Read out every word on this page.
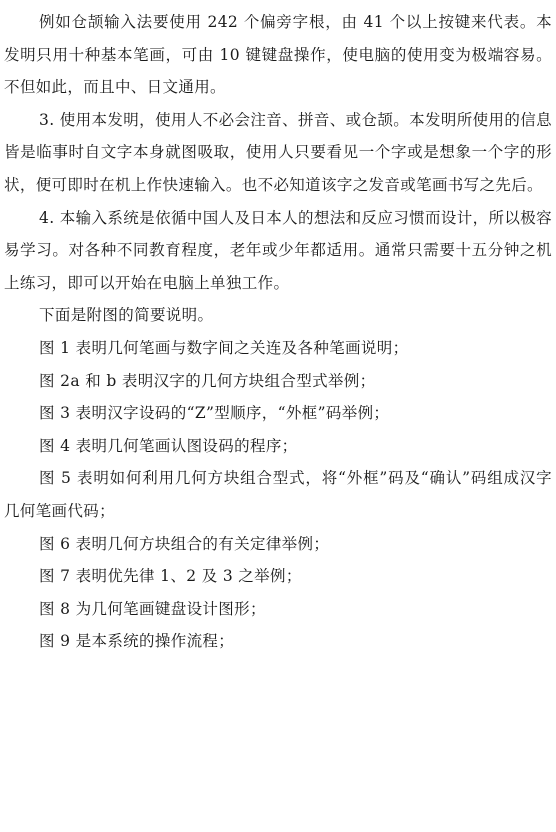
例如仓颉输入法要使用 242 个偏旁字根，由 41 个以上按键来代表。本发明只用十种基本笔画，可由 10 键键盘操作，使电脑的使用变为极端容易。不但如此，而且中、日文通用。

3. 使用本发明，使用人不必会注音、拼音、或仓颉。本发明所使用的信息皆是临事时自文字本身就图吸取，使用人只要看见一个字或是想象一个字的形状，便可即时在机上作快速输入。也不必知道该字之发音或笔画书写之先后。

4. 本输入系统是依循中国人及日本人的想法和反应习惯而设计，所以极容易学习。对各种不同教育程度，老年或少年都适用。通常只需要十五分钟之机上练习，即可以开始在电脑上单独工作。

下面是附图的简要说明。

图 1 表明几何笔画与数字间之关连及各种笔画说明；

图 2a 和 b 表明汉字的几何方块组合型式举例；

图 3 表明汉字设码的“Z”型顺序，“外框”码举例；

图 4 表明几何笔画认图设码的程序；

图 5 表明如何利用几何方块组合型式，将“外框”码及“确认”码组成汉字几何笔画代码；

图 6 表明几何方块组合的有关定律举例；

图 7 表明优先律 1、2 及 3 之举例；

图 8 为几何笔画键盘设计图形；

图 9 是本系统的操作流程；
